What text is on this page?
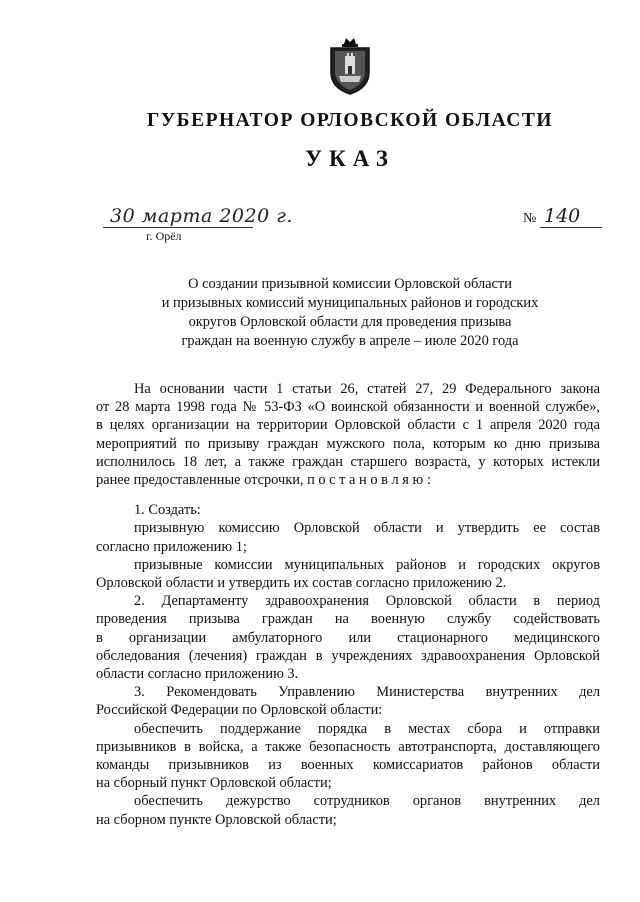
ГУБЕРНАТОР ОРЛОВСКОЙ ОБЛАСТИ
УКАЗ
30 марта 2020 г.
г. Орёл
№ 140
О создании призывной комиссии Орловской области
и призывных комиссий муниципальных районов и городских
округов Орловской области для проведения призыва
граждан на военную службу в апреле – июле 2020 года
На основании части 1 статьи 26, статей 27, 29 Федерального закона
от 28 марта 1998 года № 53-ФЗ «О воинской обязанности и военной службе»,
в целях организации на территории Орловской области с 1 апреля 2020 года
мероприятий по призыву граждан мужского пола, которым ко дню призыва
исполнилось 18 лет, а также граждан старшего возраста, у которых истекли
ранее предоставленные отсрочки, п о с т а н о в л я ю :
1. Создать:
призывную комиссию Орловской области и утвердить ее состав
согласно приложению 1;
призывные комиссии муниципальных районов и городских округов
Орловской области и утвердить их состав согласно приложению 2.
2. Департаменту здравоохранения Орловской области в период
проведения призыва граждан на военную службу содействовать
в организации амбулаторного или стационарного медицинского
обследования (лечения) граждан в учреждениях здравоохранения Орловской
области согласно приложению 3.
3. Рекомендовать Управлению Министерства внутренних дел
Российской Федерации по Орловской области:
обеспечить поддержание порядка в местах сбора и отправки
призывников в войска, а также безопасность автотранспорта, доставляющего
команды призывников из военных комиссариатов районов области
на сборный пункт Орловской области;
обеспечить дежурство сотрудников органов внутренних дел
на сборном пункте Орловской области;
